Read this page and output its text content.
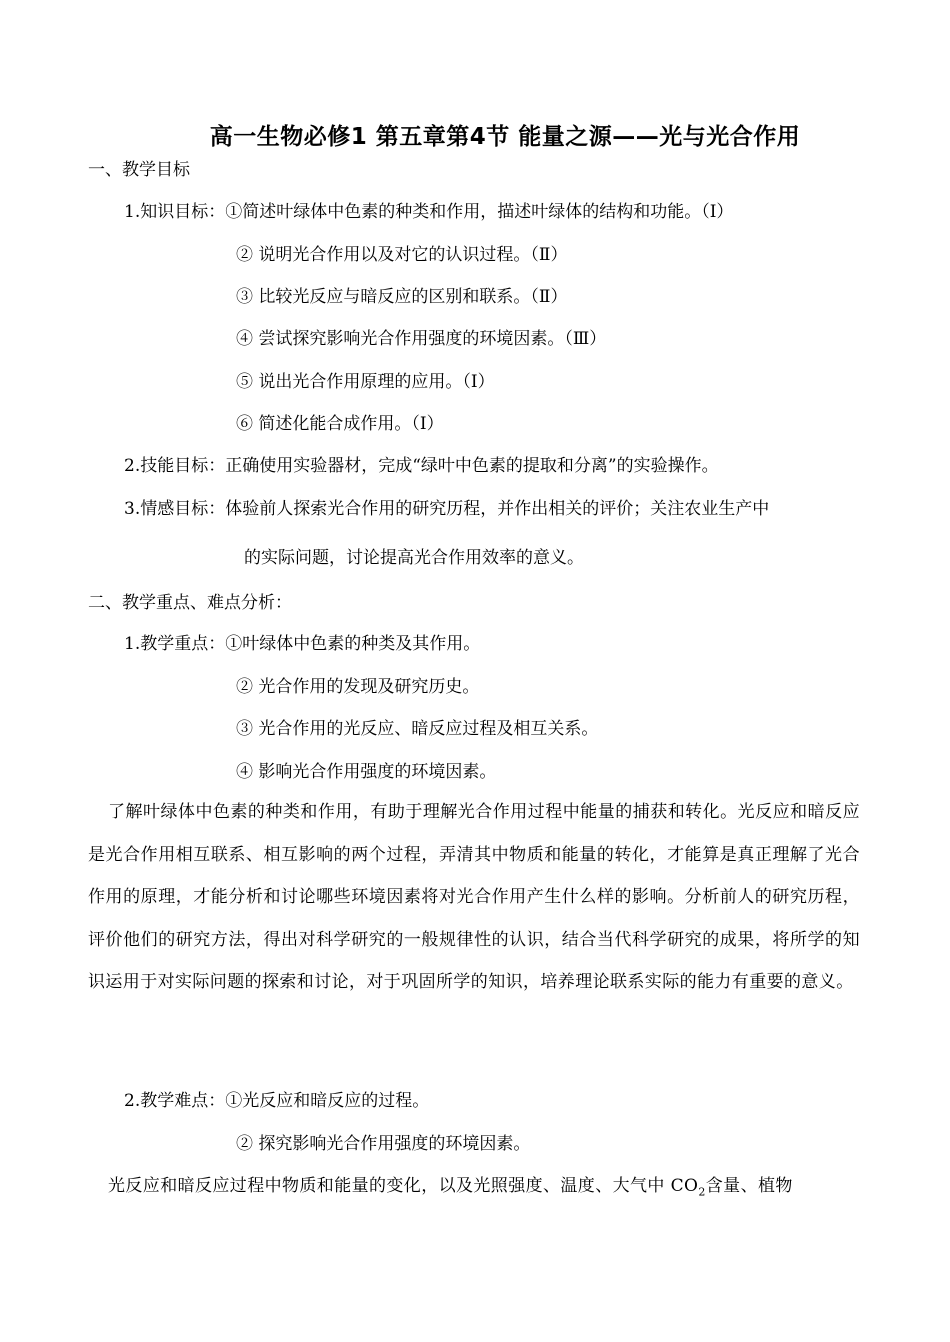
高一生物必修1 第五章第4节 能量之源——光与光合作用
一、教学目标
1.知识目标：①简述叶绿体中色素的种类和作用，描述叶绿体的结构和功能。（Ⅰ）
② 说明光合作用以及对它的认识过程。（Ⅱ）
③ 比较光反应与暗反应的区别和联系。（Ⅱ）
④ 尝试探究影响光合作用强度的环境因素。（Ⅲ）
⑤ 说出光合作用原理的应用。（Ⅰ）
⑥ 简述化能合成作用。（Ⅰ）
2.技能目标：正确使用实验器材，完成“绿叶中色素的提取和分离”的实验操作。
3.情感目标：体验前人探索光合作用的研究历程，并作出相关的评价；关注农业生产中
的实际问题，讨论提高光合作用效率的意义。
二、教学重点、难点分析：
1.教学重点：①叶绿体中色素的种类及其作用。
② 光合作用的发现及研究历史。
③ 光合作用的光反应、暗反应过程及相互关系。
④ 影响光合作用强度的环境因素。
了解叶绿体中色素的种类和作用，有助于理解光合作用过程中能量的捕获和转化。光反应和暗反应是光合作用相互联系、相互影响的两个过程，弄清其中物质和能量的转化，才能算是真正理解了光合作用的原理，才能分析和讨论哪些环境因素将对光合作用产生什么样的影响。分析前人的研究历程，评价他们的研究方法，得出对科学研究的一般规律性的认识，结合当代科学研究的成果，将所学的知识运用于对实际问题的探索和讨论，对于巩固所学的知识，培养理论联系实际的能力有重要的意义。
2.教学难点：①光反应和暗反应的过程。
② 探究影响光合作用强度的环境因素。
光反应和暗反应过程中物质和能量的变化，以及光照强度、温度、大气中 $CO_2$含量、植物
